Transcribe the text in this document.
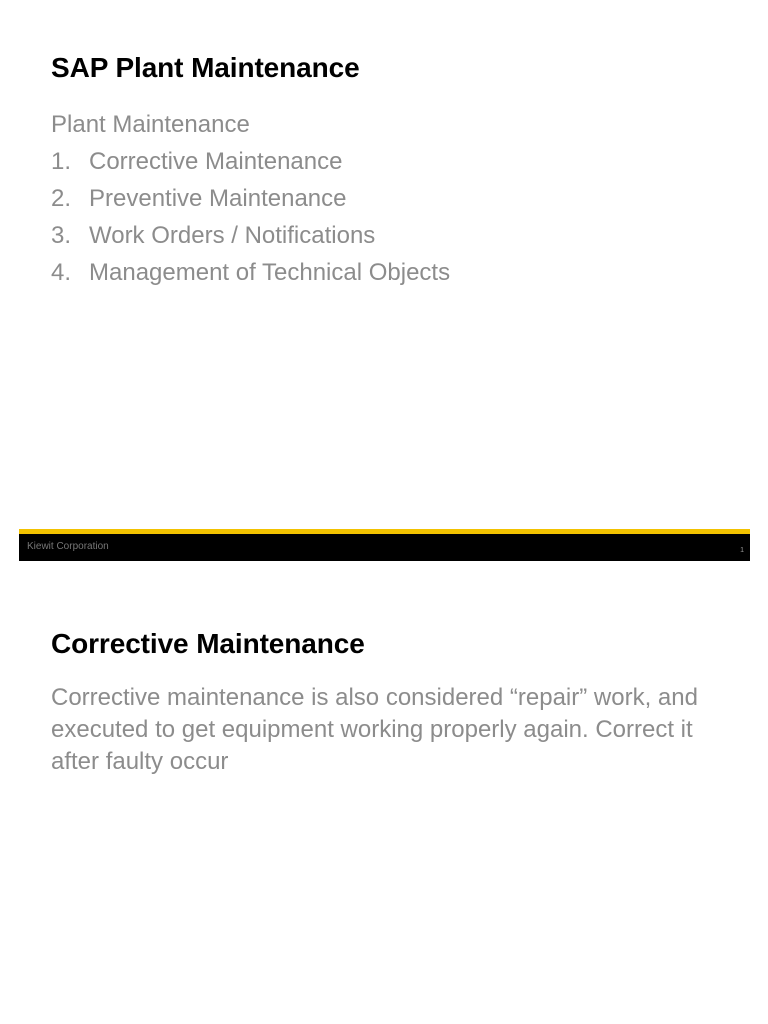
SAP Plant Maintenance

Plant Maintenance

1. Corrective Maintenance
2. Preventive Maintenance
3. Work Orders / Notifications
4. Management of Technical Objects
Kiewit Corporation	1
Corrective Maintenance

Corrective maintenance is also considered “repair” work, and executed to get equipment working properly again. Correct it after faulty occur
